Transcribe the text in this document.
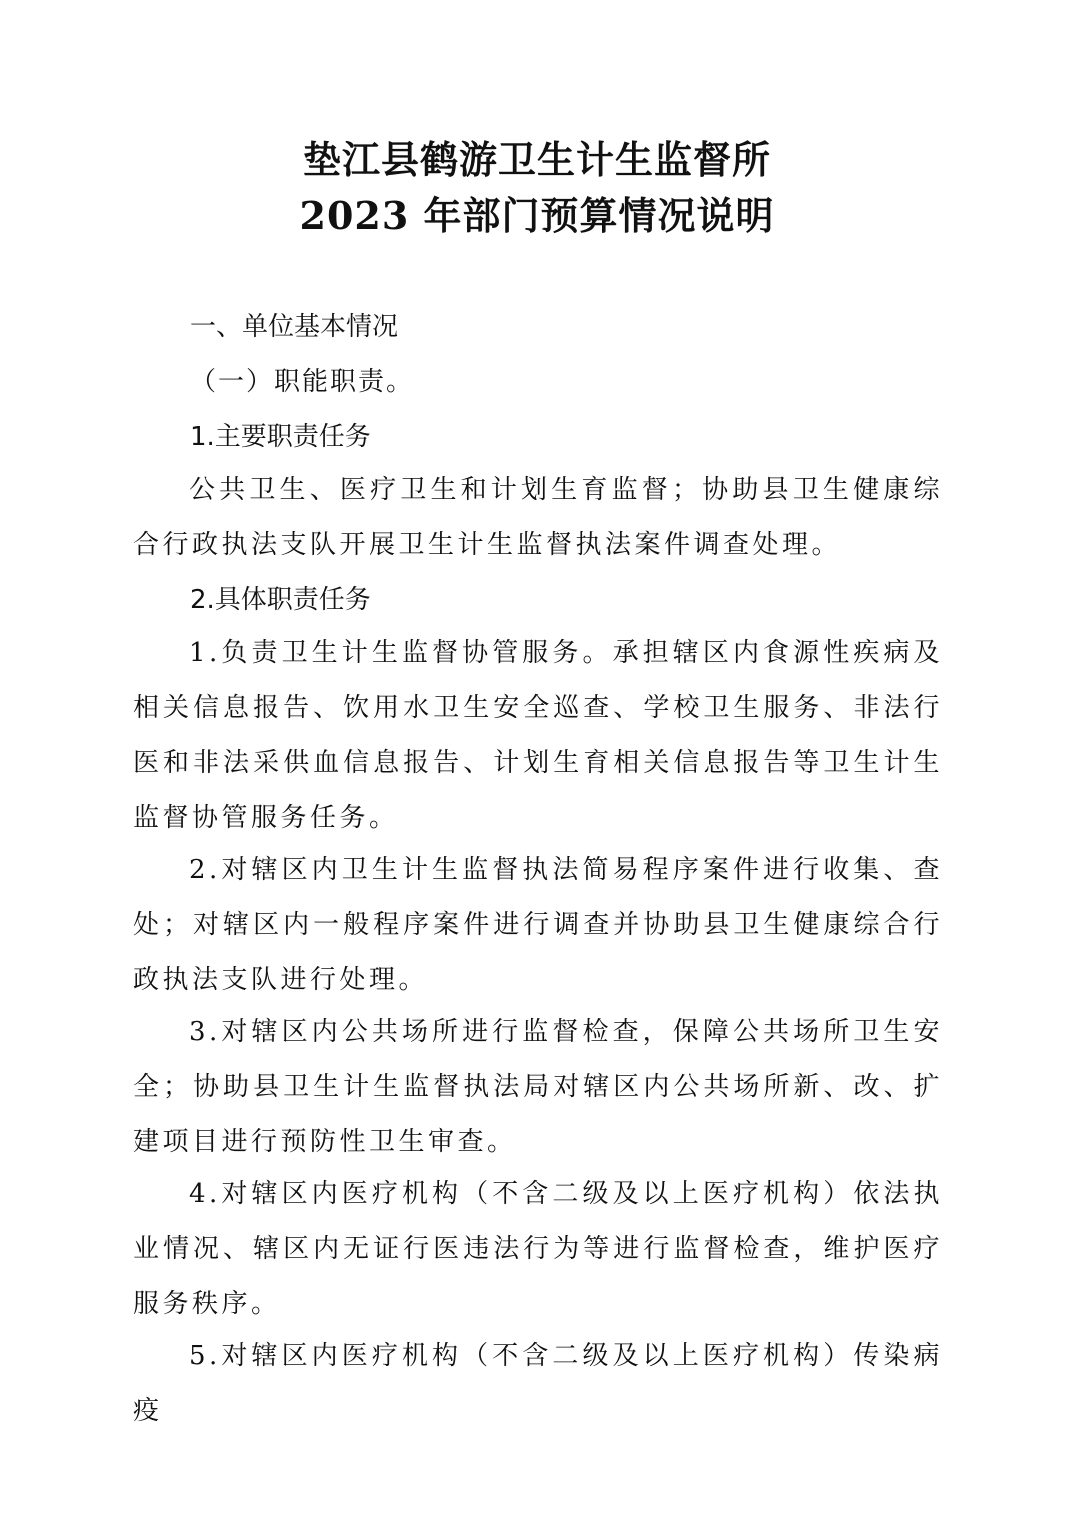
垫江县鹤游卫生计生监督所
2023 年部门预算情况说明
一、单位基本情况
（一）职能职责。
1.主要职责任务

公共卫生、医疗卫生和计划生育监督；协助县卫生健康综合行政执法支队开展卫生计生监督执法案件调查处理。

2.具体职责任务

1.负责卫生计生监督协管服务。承担辖区内食源性疾病及相关信息报告、饮用水卫生安全巡查、学校卫生服务、非法行医和非法采供血信息报告、计划生育相关信息报告等卫生计生监督协管服务任务。

2.对辖区内卫生计生监督执法简易程序案件进行收集、查处；对辖区内一般程序案件进行调查并协助县卫生健康综合行政执法支队进行处理。

3.对辖区内公共场所进行监督检查，保障公共场所卫生安全；协助县卫生计生监督执法局对辖区内公共场所新、改、扩建项目进行预防性卫生审查。

4.对辖区内医疗机构（不含二级及以上医疗机构）依法执业情况、辖区内无证行医违法行为等进行监督检查，维护医疗服务秩序。

5.对辖区内医疗机构（不含二级及以上医疗机构）传染病疫
